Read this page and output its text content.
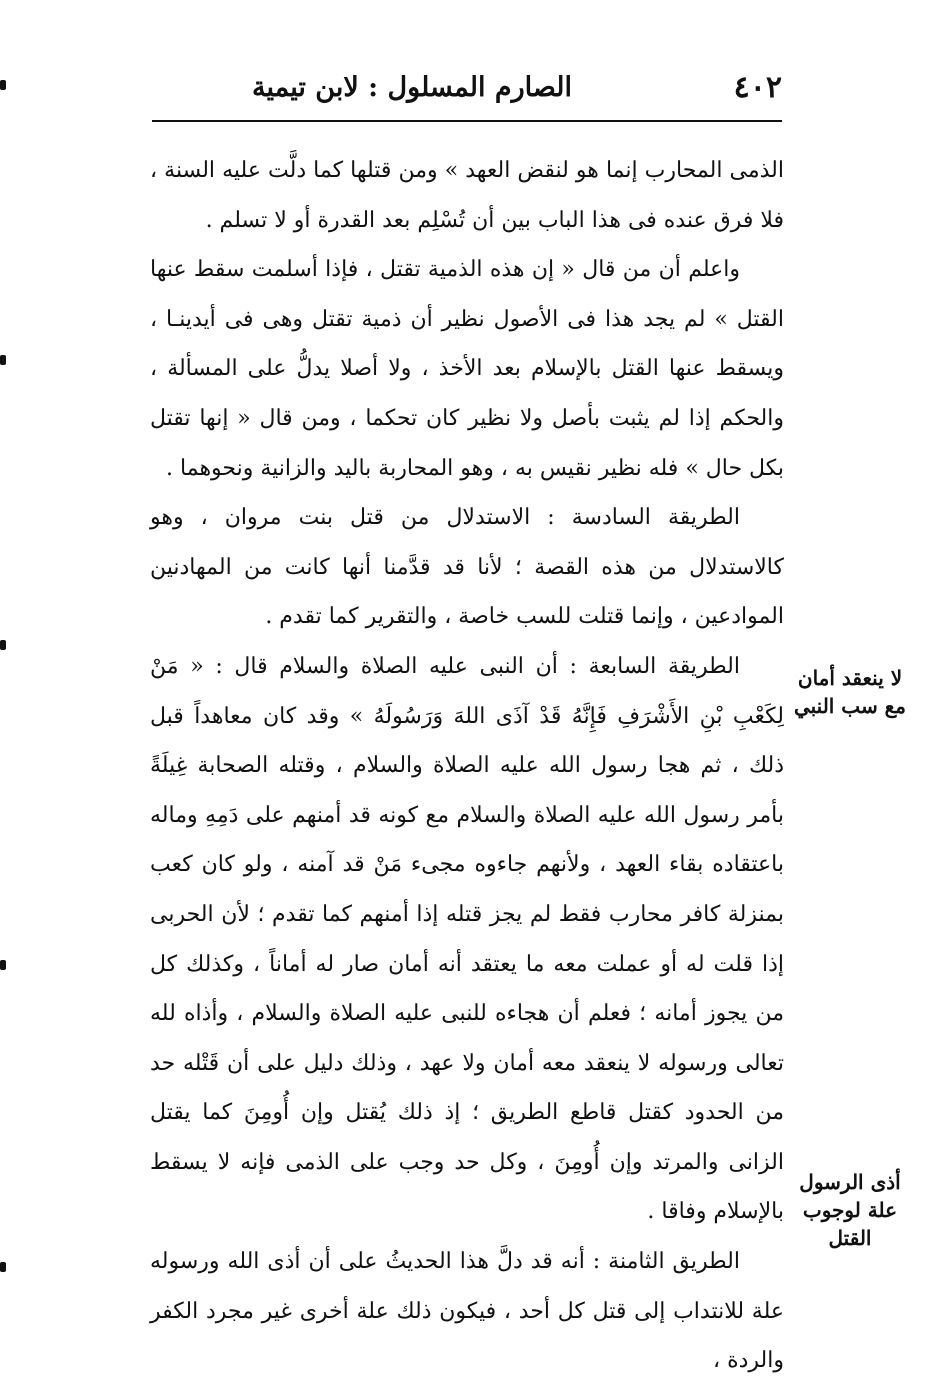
٤٠٢
الصارم المسلول : لابن تيمية

الذمى المحارب إنما هو لنقض العهد » ومن قتلها كما دلَّت عليه السنة ، فلا فرق عنده فى هذا الباب بين أن تُسْلِم بعد القدرة أو لا تسلم .

واعلم أن من قال « إن هذه الذمية تقتل ، فإذا أسلمت سقط عنها القتل » لم يجد هذا فى الأصول نظير أن ذمية تقتل وهى فى أيدينـا ، ويسقط عنها القتل بالإسلام بعد الأخذ ، ولا أصلا يدلُّ على المسألة ، والحكم إذا لم يثبت بأصل ولا نظير كان تحكما ، ومن قال « إنها تقتل بكل حال » فله نظير نقيس به ، وهو المحاربة باليد والزانية ونحوهما .

الطريقة السادسة : الاستدلال من قتل بنت مروان ، وهو كالاستدلال من هذه القصة ؛ لأنا قد قدَّمنا أنها كانت من المهادنين الموادعين ، وإنما قتلت للسب خاصة ، والتقرير كما تقدم .

الطريقة السابعة : أن النبى عليه الصلاة والسلام قال : « مَنْ لِكَعْبِ بْنِ الأَشْرَفِ فَإِنَّهُ قَدْ آذَى اللهَ وَرَسُولَهُ » وقد كان معاهداً قبل ذلك ، ثم هجا رسول الله عليه الصلاة والسلام ، وقتله الصحابة غِيلَةً بأمر رسول الله عليه الصلاة والسلام مع كونه قد أمنهم على دَمِهِ وماله باعتقاده بقاء العهد ، ولأنهم جاءوه مجىء مَنْ قد آمنه ، ولو كان كعب بمنزلة كافر محارب فقط لم يجز قتله إذا أمنهم كما تقدم ؛ لأن الحربى إذا قلت له أو عملت معه ما يعتقد أنه أمان صار له أماناً ، وكذلك كل من يجوز أمانه ؛ فعلم أن هجاءه للنبى عليه الصلاة والسلام ، وأذاه لله تعالى ورسوله لا ينعقد معه أمان ولا عهد ، وذلك دليل على أن قَتْله حد من الحدود كقتل قاطع الطريق ؛ إذ ذلك يُقتل وإن أُومِنَ كما يقتل الزانى والمرتد وإن أُومِنَ ، وكل حد وجب على الذمى فإنه لا يسقط بالإسلام وفاقا .

الطريق الثامنة : أنه قد دلَّ هذا الحديثُ على أن أذى الله ورسوله علة للانتداب إلى قتل كل أحد ، فيكون ذلك علة أخرى غير مجرد الكفر والردة ،

لا ينعقد أمان مع سب النبي
أذى الرسول علة لوجوب القتل
